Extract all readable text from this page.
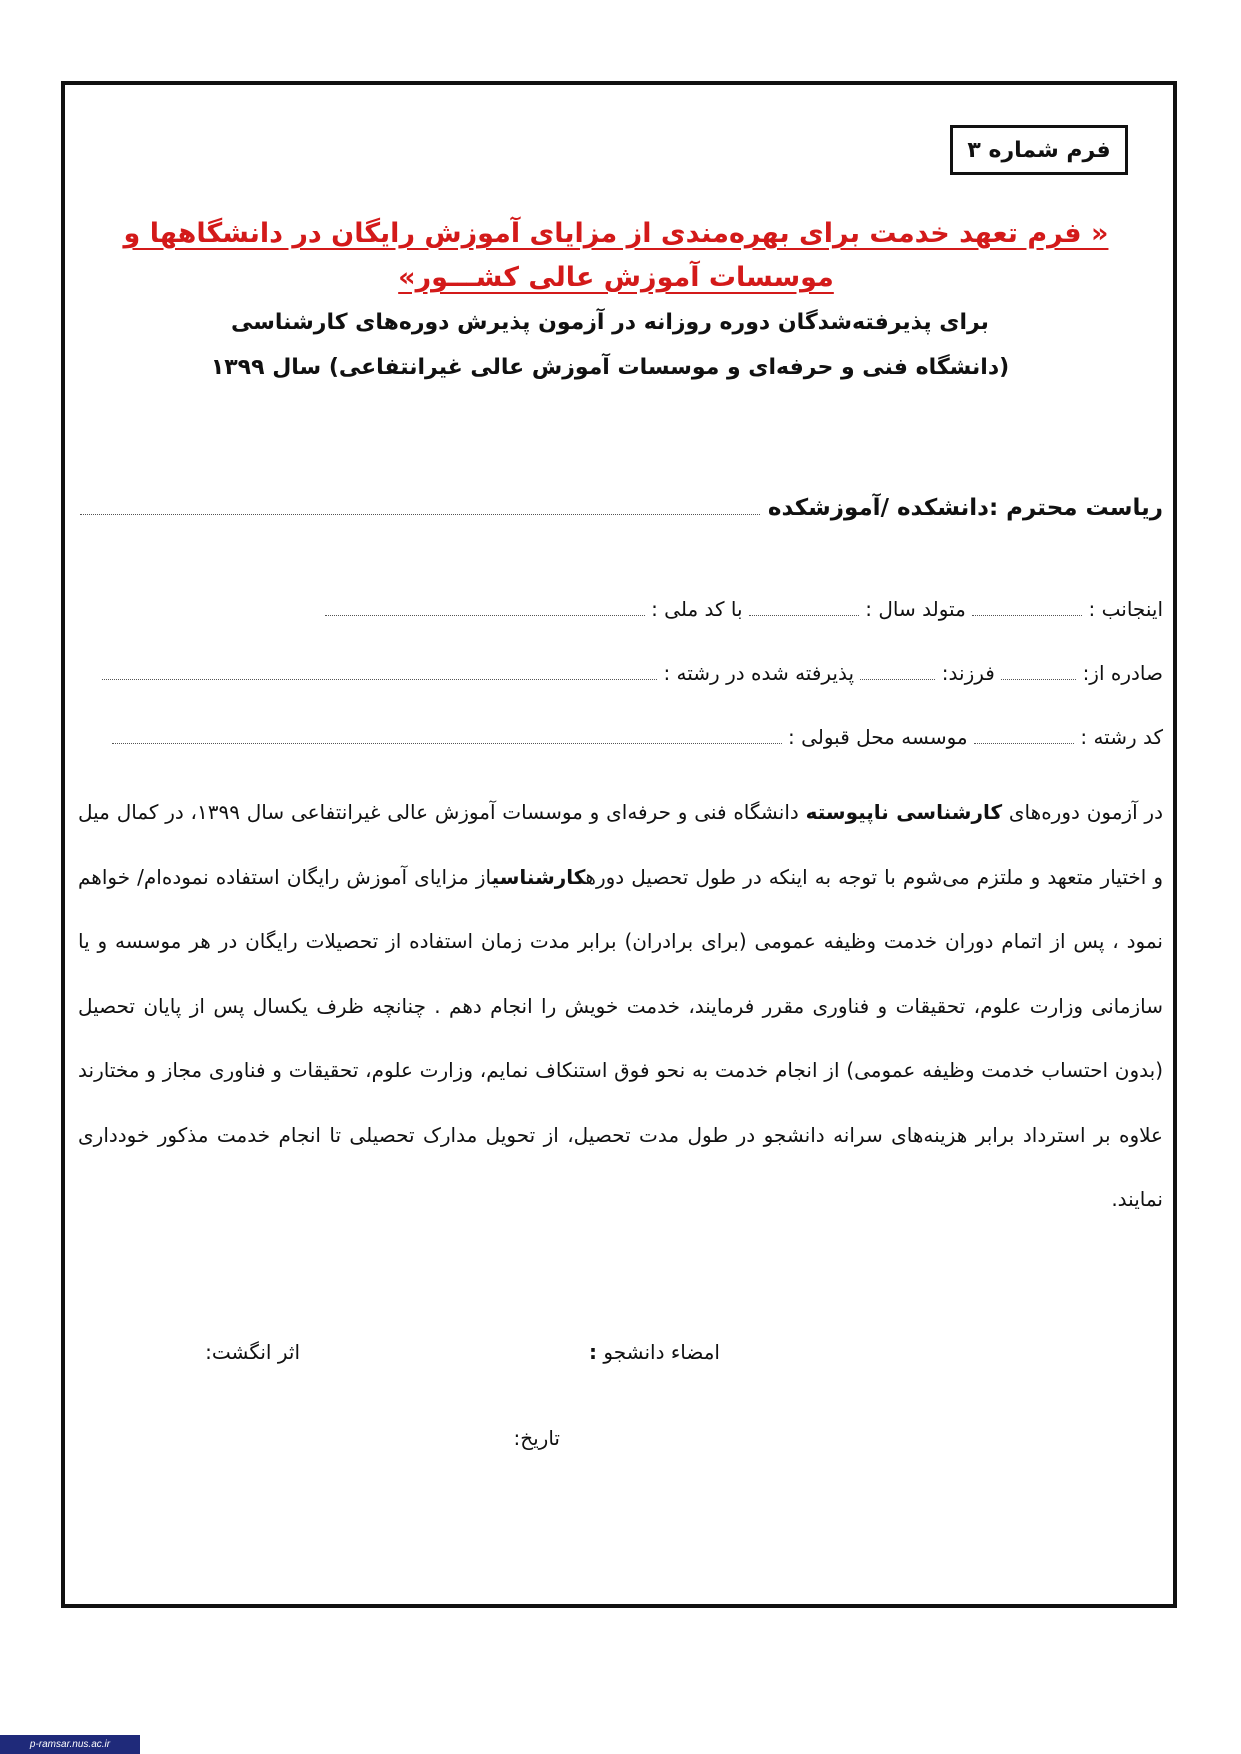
فرم شماره ۳
« فرم تعهد خدمت برای بهره‌مندی از مزایای آموزش رایگان در دانشگاهها و موسسات آموزش عالی کشـــور»
برای پذیرفته‌شدگان دوره روزانه در آزمون پذیرش دوره‌های کارشناسی
(دانشگاه فنی و حرفه‌ای و موسسات آموزش عالی غیرانتفاعی) سال ۱۳۹۹
ریاست محترم :دانشکده /آموزشکده
اینجانب :  متولد سال :  با کد ملی :
صادره از:  فرزند:  پذیرفته شده در رشته :
کد رشته :  موسسه محل قبولی :
در آزمون دوره‌های کارشناسی ناپیوسته دانشگاه فنی و حرفه‌ای و موسسات آموزش عالی غیرانتفاعی سال ۱۳۹۹، در کمال میل و اختیار متعهد و ملتزم می‌شوم با توجه به اینکه در طول تحصیل دورهکارشناسیاز مزایای آموزش رایگان استفاده نموده‌ام/ خواهم نمود ، پس از اتمام دوران خدمت وظیفه عمومی (برای برادران) برابر مدت زمان استفاده از تحصیلات رایگان در هر موسسه و یا سازمانی وزارت علوم، تحقیقات و فناوری مقرر فرمایند، خدمت خویش را انجام دهم . چنانچه ظرف یکسال پس از پایان تحصیل (بدون احتساب خدمت وظیفه عمومی) از انجام خدمت به نحو فوق استنکاف نمایم، وزارت علوم، تحقیقات و فناوری مجاز و مختارند علاوه بر استرداد برابر هزینه‌های سرانه دانشجو در طول مدت تحصیل، از تحویل مدارک تحصیلی تا انجام خدمت مذکور خودداری نمایند.
امضاء دانشجو :
اثر انگشت:
تاریخ:
p-ramsar.nus.ac.ir
